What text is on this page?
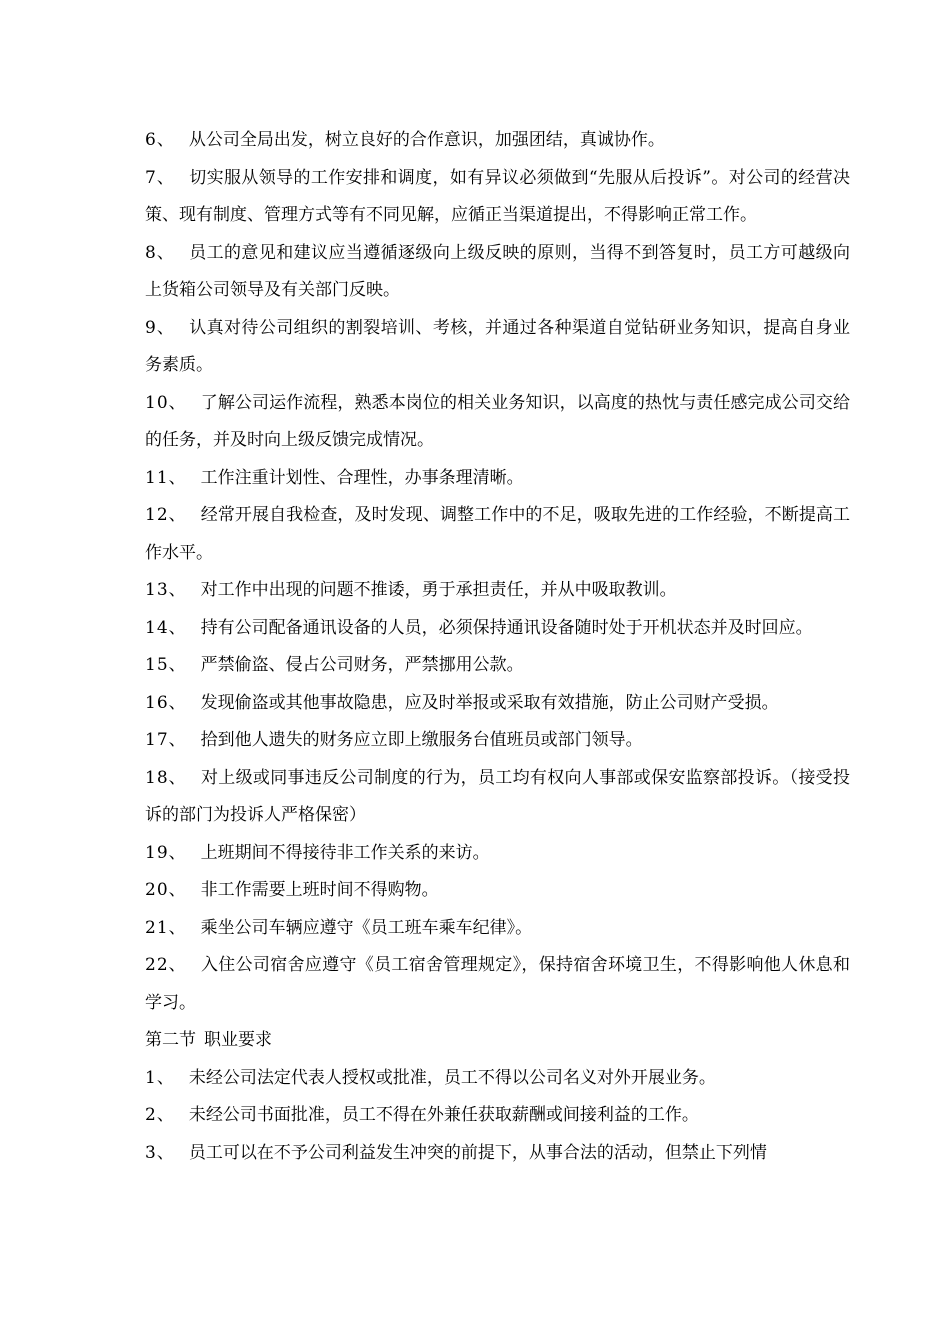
6、 从公司全局出发，树立良好的合作意识，加强团结，真诚协作。

7、 切实服从领导的工作安排和调度，如有异议必须做到“先服从后投诉”。对公司的经营决策、现有制度、管理方式等有不同见解，应循正当渠道提出，不得影响正常工作。

8、 员工的意见和建议应当遵循逐级向上级反映的原则，当得不到答复时，员工方可越级向上货箱公司领导及有关部门反映。

9、 认真对待公司组织的割裂培训、考核，并通过各种渠道自觉钻研业务知识，提高自身业务素质。

10、 了解公司运作流程，熟悉本岗位的相关业务知识，以高度的热忱与责任感完成公司交给的任务，并及时向上级反馈完成情况。

11、 工作注重计划性、合理性，办事条理清晰。

12、 经常开展自我检查，及时发现、调整工作中的不足，吸取先进的工作经验，不断提高工作水平。

13、 对工作中出现的问题不推诿，勇于承担责任，并从中吸取教训。

14、 持有公司配备通讯设备的人员，必须保持通讯设备随时处于开机状态并及时回应。

15、 严禁偷盗、侵占公司财务，严禁挪用公款。

16、 发现偷盗或其他事故隐患，应及时举报或采取有效措施，防止公司财产受损。

17、 拾到他人遗失的财务应立即上缴服务台值班员或部门领导。

18、 对上级或同事违反公司制度的行为，员工均有权向人事部或保安监察部投诉。（接受投诉的部门为投诉人严格保密）

19、 上班期间不得接待非工作关系的来访。

20、 非工作需要上班时间不得购物。

21、 乘坐公司车辆应遵守《员工班车乘车纪律》。

22、 入住公司宿舍应遵守《员工宿舍管理规定》，保持宿舍环境卫生，不得影响他人休息和学习。

第二节 职业要求

1、 未经公司法定代表人授权或批准，员工不得以公司名义对外开展业务。

2、 未经公司书面批准，员工不得在外兼任获取薪酬或间接利益的工作。

3、 员工可以在不予公司利益发生冲突的前提下，从事合法的活动，但禁止下列情
